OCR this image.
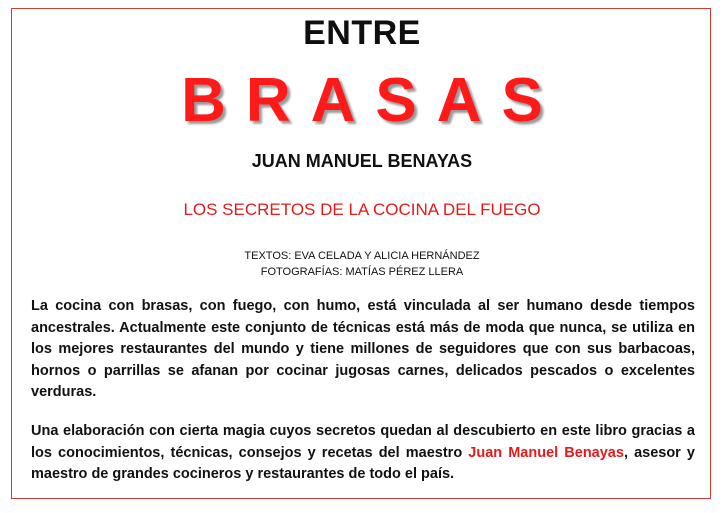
ENTRE
BRASAS
JUAN MANUEL BENAYAS
LOS SECRETOS DE LA COCINA DEL FUEGO
TEXTOS: EVA CELADA Y ALICIA HERNÁNDEZ
FOTOGRAFÍAS: MATÍAS PÉREZ LLERA
La cocina con brasas, con fuego, con humo, está vinculada al ser humano desde tiempos ancestrales. Actualmente este conjunto de técnicas está más de moda que nunca, se utiliza en los mejores restaurantes del mundo y tiene millones de seguidores que con sus barbacoas, hornos o parrillas se afanan por cocinar jugosas carnes, delicados pescados o excelentes verduras.
Una elaboración con cierta magia cuyos secretos quedan al descubierto en este libro gracias a los conocimientos, técnicas, consejos y recetas del maestro Juan Manuel Benayas, asesor y maestro de grandes cocineros y restaurantes de todo el país.
